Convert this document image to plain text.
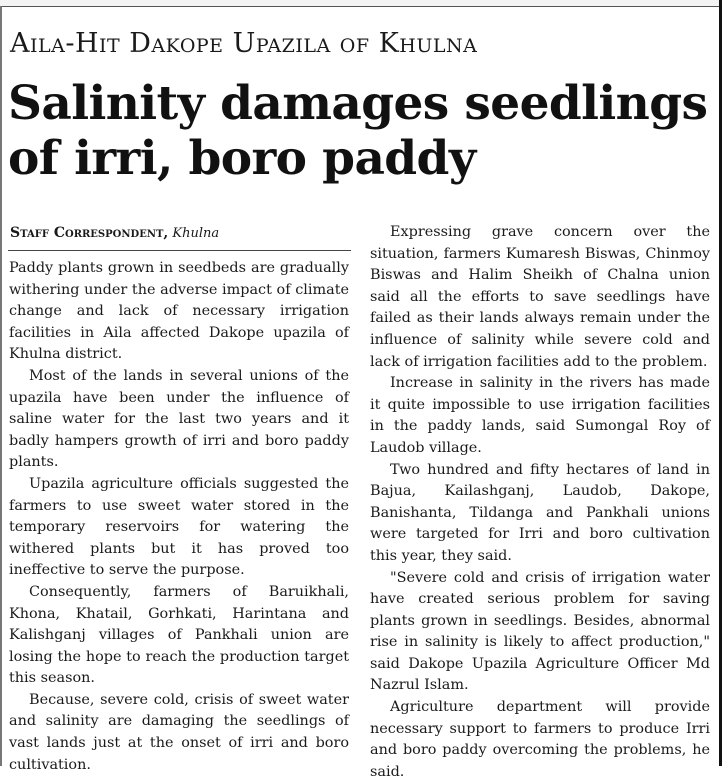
Aila-Hit Dakope Upazila of Khulna
Salinity damages seedlings of irri, boro paddy
Staff Correspondent, Khulna

Paddy plants grown in seedbeds are gradually withering under the adverse impact of climate change and lack of necessary irrigation facilities in Aila affected Dakope upazila of Khulna district.

Most of the lands in several unions of the upazila have been under the influence of saline water for the last two years and it badly hampers growth of irri and boro paddy plants.

Upazila agriculture officials suggested the farmers to use sweet water stored in the temporary reservoirs for watering the withered plants but it has proved too ineffective to serve the purpose.

Consequently, farmers of Baruikhali, Khona, Khatail, Gorhkati, Harintana and Kalishganj villages of Pankhali union are losing the hope to reach the production target this season.

Because, severe cold, crisis of sweet water and salinity are damaging the seedlings of vast lands just at the onset of irri and boro cultivation.

Expressing grave concern over the situation, farmers Kumaresh Biswas, Chinmoy Biswas and Halim Sheikh of Chalna union said all the efforts to save seedlings have failed as their lands always remain under the influence of salinity while severe cold and lack of irrigation facilities add to the problem.

Increase in salinity in the rivers has made it quite impossible to use irrigation facilities in the paddy lands, said Sumongal Roy of Laudob village.

Two hundred and fifty hectares of land in Bajua, Kailashganj, Laudob, Dakope, Banishanta, Tildanga and Pankhali unions were targeted for Irri and boro cultivation this year, they said.

"Severe cold and crisis of irrigation water have created serious problem for saving plants grown in seedlings. Besides, abnormal rise in salinity is likely to affect production," said Dakope Upazila Agriculture Officer Md Nazrul Islam.

Agriculture department will provide necessary support to farmers to produce Irri and boro paddy overcoming the problems, he said.
